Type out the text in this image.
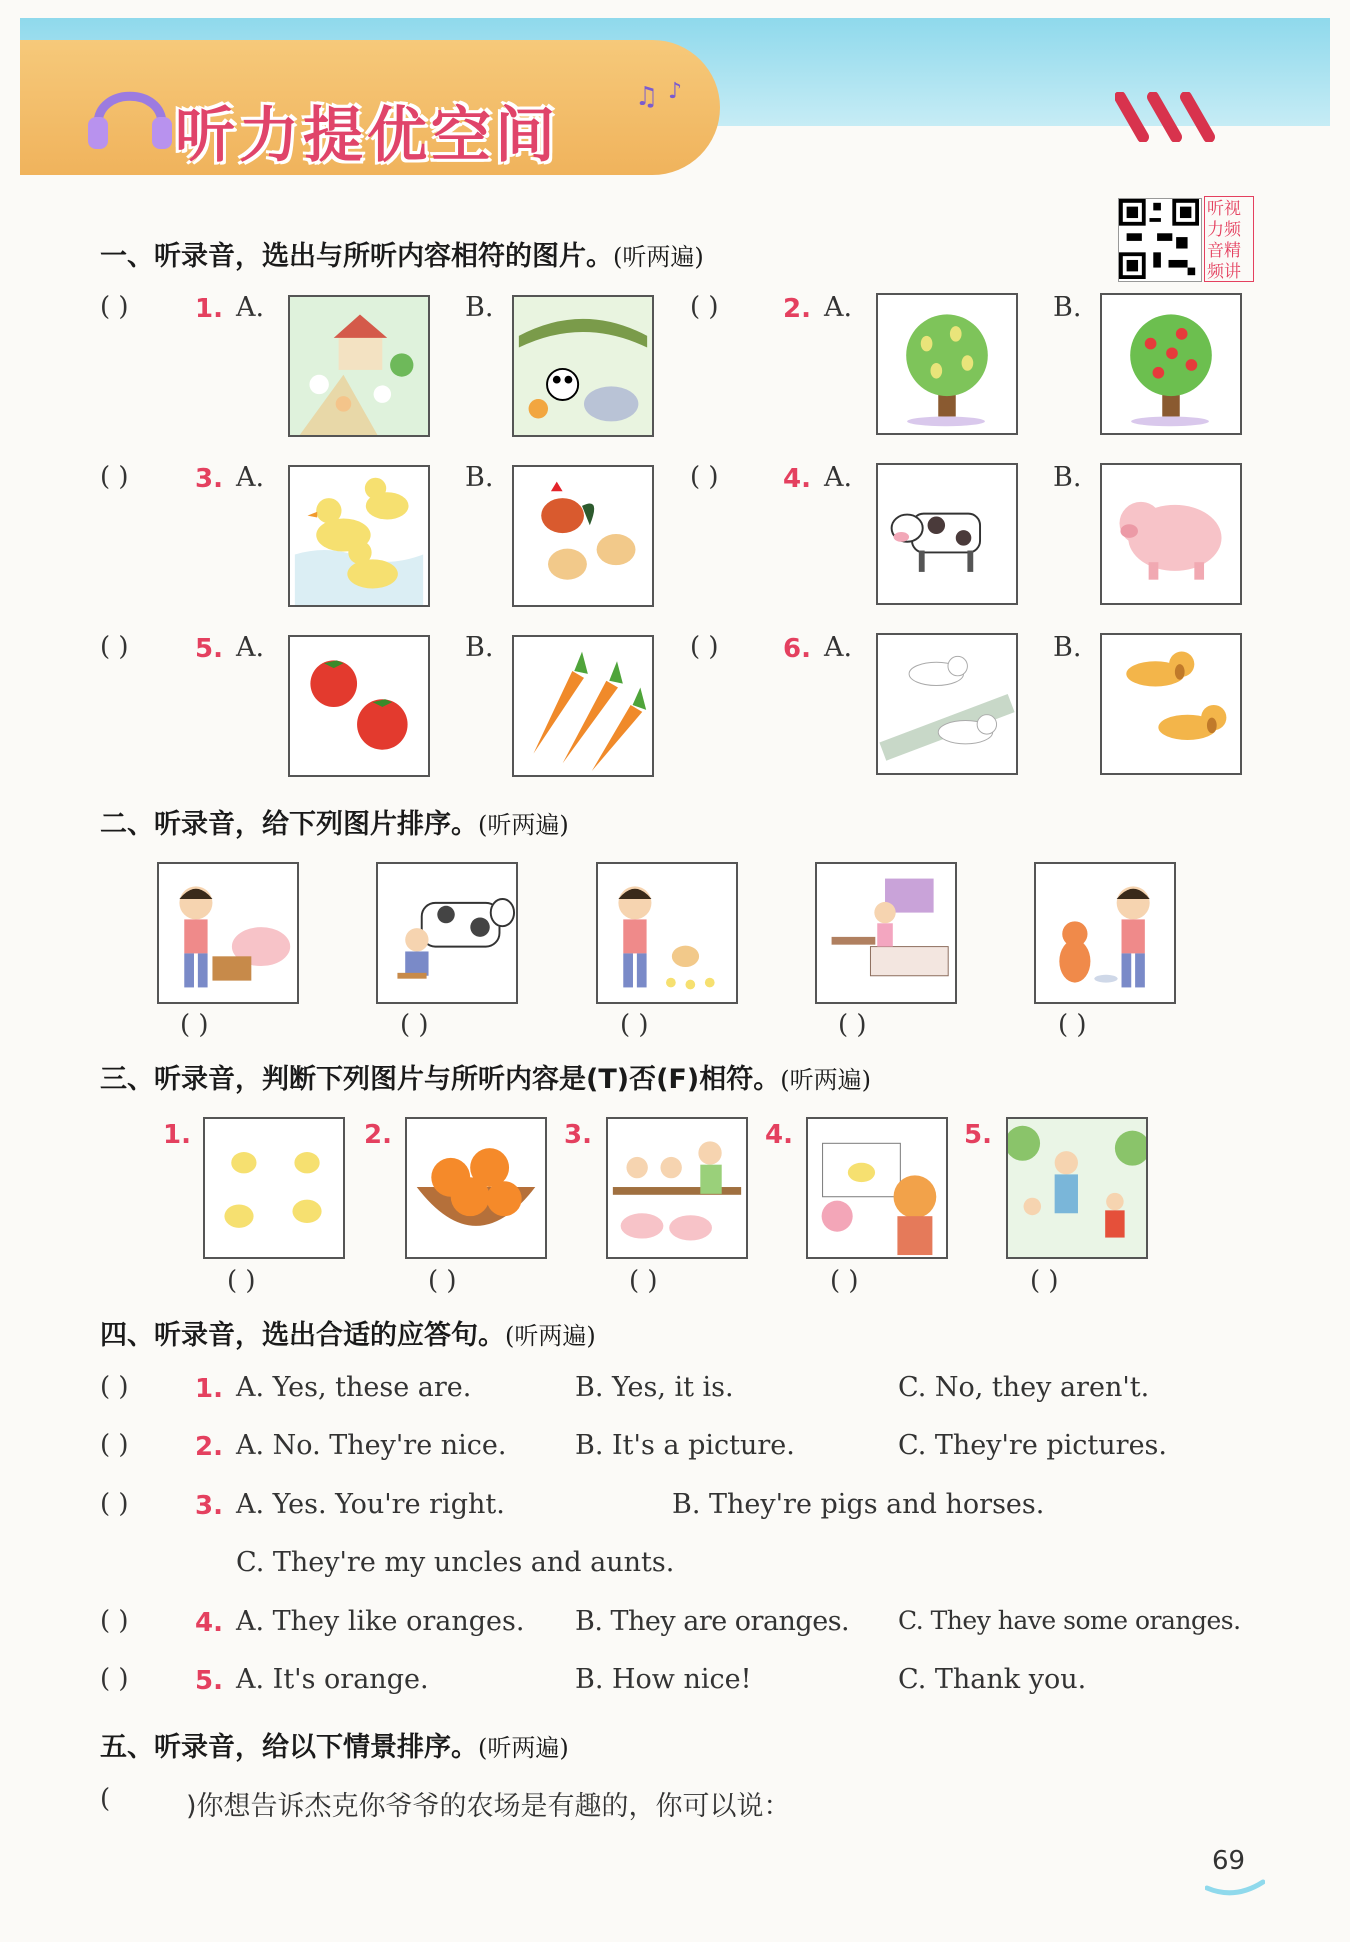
♫ ♪
听力提优空间
听视力频音精频讲
一、听录音，选出与所听内容相符的图片。(听两遍)
( )	1. A.	B.	( ) 2. A.	B.
( )	3. A.	B.	( ) 4. A.	B.
( )	5. A.	B.	( ) 6. A.	B.
二、听录音，给下列图片排序。(听两遍)
( )	( )	( )	( )	( )
三、听录音，判断下列图片与所听内容是(T)否(F)相符。(听两遍)
1.	2.	3.	4.	5.
( )	( )	( )	( )	( )
四、听录音，选出合适的应答句。(听两遍)
( )	1. A. Yes, these are.	B. Yes, it is.	C. No, they aren't.
( )	2. A. No. They're nice.	B. It's a picture.	C. They're pictures.
( )	3. A. Yes. You're right.	B. They're pigs and horses.
C. They're my uncles and aunts.
( )	4. A. They like oranges. B. They are oranges. C. They have some oranges.
( )	5. A. It's orange.	B. How nice!	C. Thank you.
五、听录音，给以下情景排序。(听两遍)
(	)你想告诉杰克你爷爷的农场是有趣的，你可以说：
69
